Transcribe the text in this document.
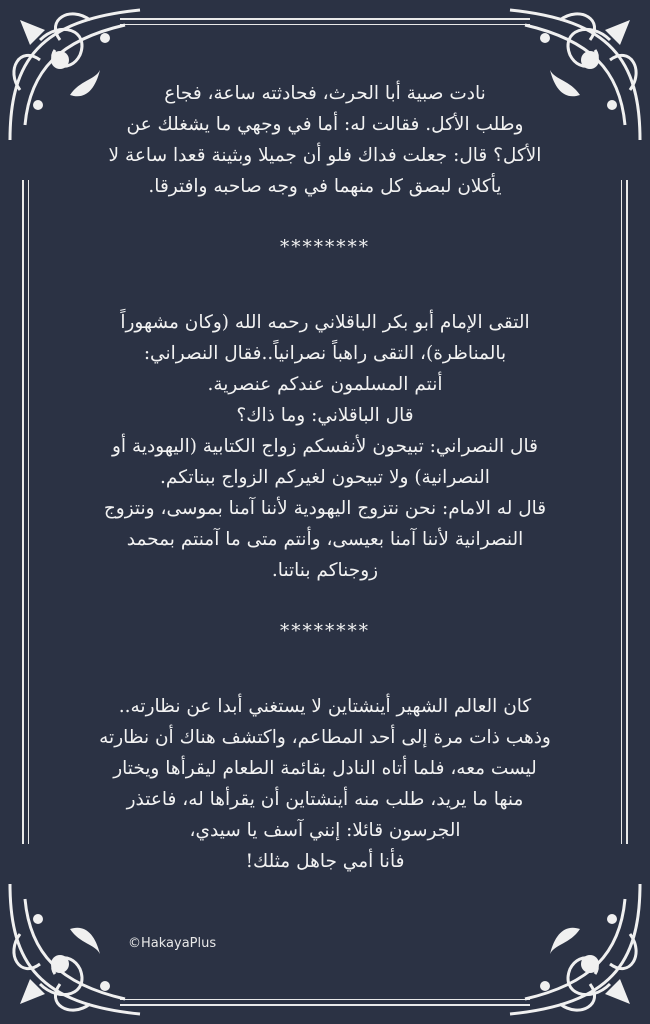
نادت صبية أبا الحرث، فحادثته ساعة، فجاع
وطلب الأكل. فقالت له: أما في وجهي ما يشغلك عن
الأكل؟ قال: جعلت فداك فلو أن جميلا وبثينة قعدا ساعة لا
يأكلان لبصق كل منهما في وجه صاحبه وافترقا.
********
التقى الإمام أبو بكر الباقلاني رحمه الله (وكان مشهوراً
بالمناظرة)، التقى راهباً نصرانياً..فقال النصراني:
أنتم المسلمون عندكم عنصرية.
قال الباقلاني: وما ذاك؟
قال النصراني: تبيحون لأنفسكم زواج الكتابية (اليهودية أو
النصرانية) ولا تبيحون لغيركم الزواج ببناتكم.
قال له الامام: نحن نتزوج اليهودية لأننا آمنا بموسى، ونتزوج
النصرانية لأننا آمنا بعيسى، وأنتم متى ما آمنتم بمحمد
زوجناكم بناتنا.
********
كان العالم الشهير أينشتاين لا يستغني أبدا عن نظارته..
وذهب ذات مرة إلى أحد المطاعم، واكتشف هناك أن نظارته
ليست معه، فلما أتاه النادل بقائمة الطعام ليقرأها ويختار
منها ما يريد، طلب منه أينشتاين أن يقرأها له، فاعتذر
الجرسون قائلا: إنني آسف يا سيدي،
فأنا أمي جاهل مثلك!
©HakayaPlus
